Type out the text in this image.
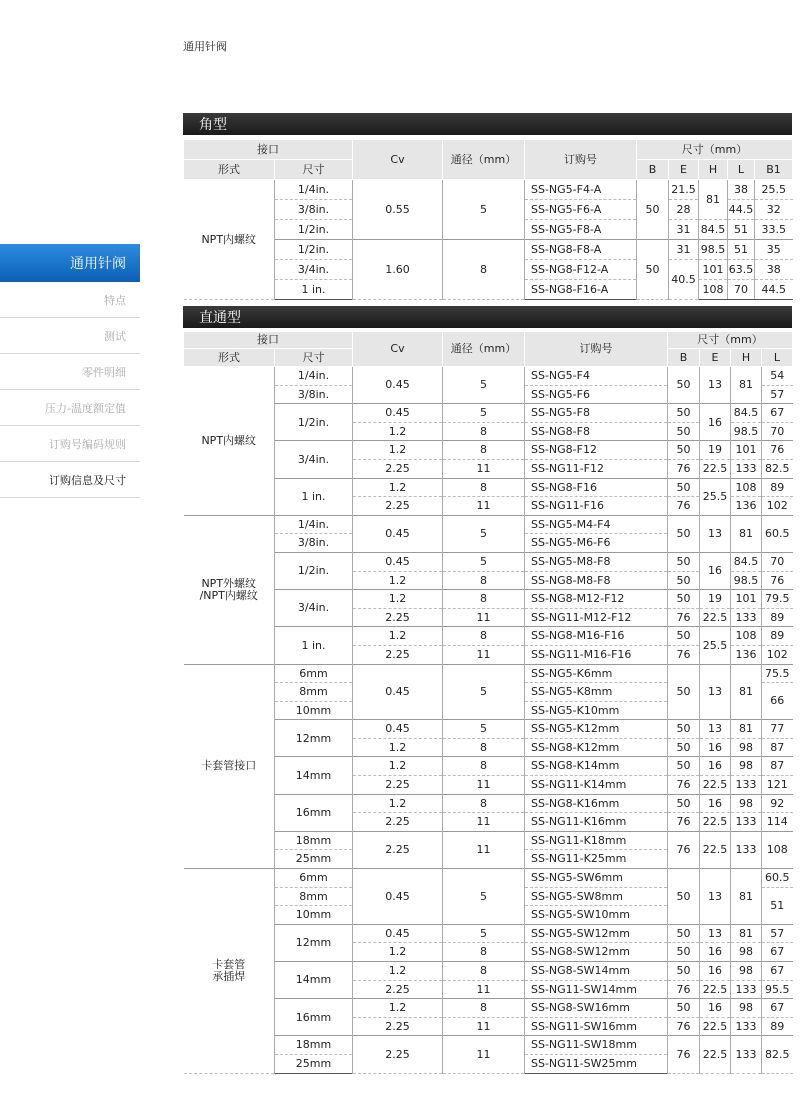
通用针阀
通用针阀
特点
测试
零件明细
压力-温度额定值
订购号编码规则
订购信息及尺寸
角型
接口		Cv	通径（mm）	订购号	尺寸（mm）				
形式	尺寸				B	E	H	L	B1
NPT内螺纹	1/4in.	0.55	5	SS-NG5-F4-A	50	21.5	81	38	25.5
	3/8in.			SS-NG5-F6-A		28		44.5	32
	1/2in.			SS-NG5-F8-A		31	84.5	51	33.5
	1/2in.	1.60	8	SS-NG8-F8-A	50	31	98.5	51	35
	3/4in.			SS-NG8-F12-A		40.5	101	63.5	38
	1 in.			SS-NG8-F16-A			108	70	44.5
直通型
接口		Cv	通径（mm）	订购号	尺寸（mm）			
形式	尺寸				B	E	H	L
NPT内螺纹	1/4in.	0.45	5	SS-NG5-F4	50	13	81	54
	3/8in.			SS-NG5-F6				57
	1/2in.	0.45	5	SS-NG5-F8	50	16	84.5	67
		1.2	8	SS-NG8-F8	50		98.5	70
	3/4in.	1.2	8	SS-NG8-F12	50	19	101	76
		2.25	11	SS-NG11-F12	76	22.5	133	82.5
	1 in.	1.2	8	SS-NG8-F16	50	25.5	108	89
		2.25	11	SS-NG11-F16	76		136	102
NPT外螺纹
/NPT内螺纹	1/4in.	0.45	5	SS-NG5-M4-F4	50	13	81	60.5
	3/8in.			SS-NG5-M6-F6				
	1/2in.	0.45	5	SS-NG5-M8-F8	50	16	84.5	70
		1.2	8	SS-NG8-M8-F8	50		98.5	76
	3/4in.	1.2	8	SS-NG8-M12-F12	50	19	101	79.5
		2.25	11	SS-NG11-M12-F12	76	22.5	133	89
	1 in.	1.2	8	SS-NG8-M16-F16	50	25.5	108	89
		2.25	11	SS-NG11-M16-F16	76		136	102
卡套管接口	6mm	0.45	5	SS-NG5-K6mm	50	13	81	75.5
	8mm			SS-NG5-K8mm				66
	10mm			SS-NG5-K10mm				
	12mm	0.45	5	SS-NG5-K12mm	50	13	81	77
		1.2	8	SS-NG8-K12mm	50	16	98	87
	14mm	1.2	8	SS-NG8-K14mm	50	16	98	87
		2.25	11	SS-NG11-K14mm	76	22.5	133	121
	16mm	1.2	8	SS-NG8-K16mm	50	16	98	92
		2.25	11	SS-NG11-K16mm	76	22.5	133	114
	18mm	2.25	11	SS-NG11-K18mm	76	22.5	133	108
	25mm			SS-NG11-K25mm				
卡套管
承插焊	6mm	0.45	5	SS-NG5-SW6mm	50	13	81	60.5
	8mm			SS-NG5-SW8mm				51
	10mm			SS-NG5-SW10mm				
	12mm	0.45	5	SS-NG5-SW12mm	50	13	81	57
		1.2	8	SS-NG8-SW12mm	50	16	98	67
	14mm	1.2	8	SS-NG8-SW14mm	50	16	98	67
		2.25	11	SS-NG11-SW14mm	76	22.5	133	95.5
	16mm	1.2	8	SS-NG8-SW16mm	50	16	98	67
		2.25	11	SS-NG11-SW16mm	76	22.5	133	89
	18mm	2.25	11	SS-NG11-SW18mm	76	22.5	133	82.5
	25mm			SS-NG11-SW25mm				
